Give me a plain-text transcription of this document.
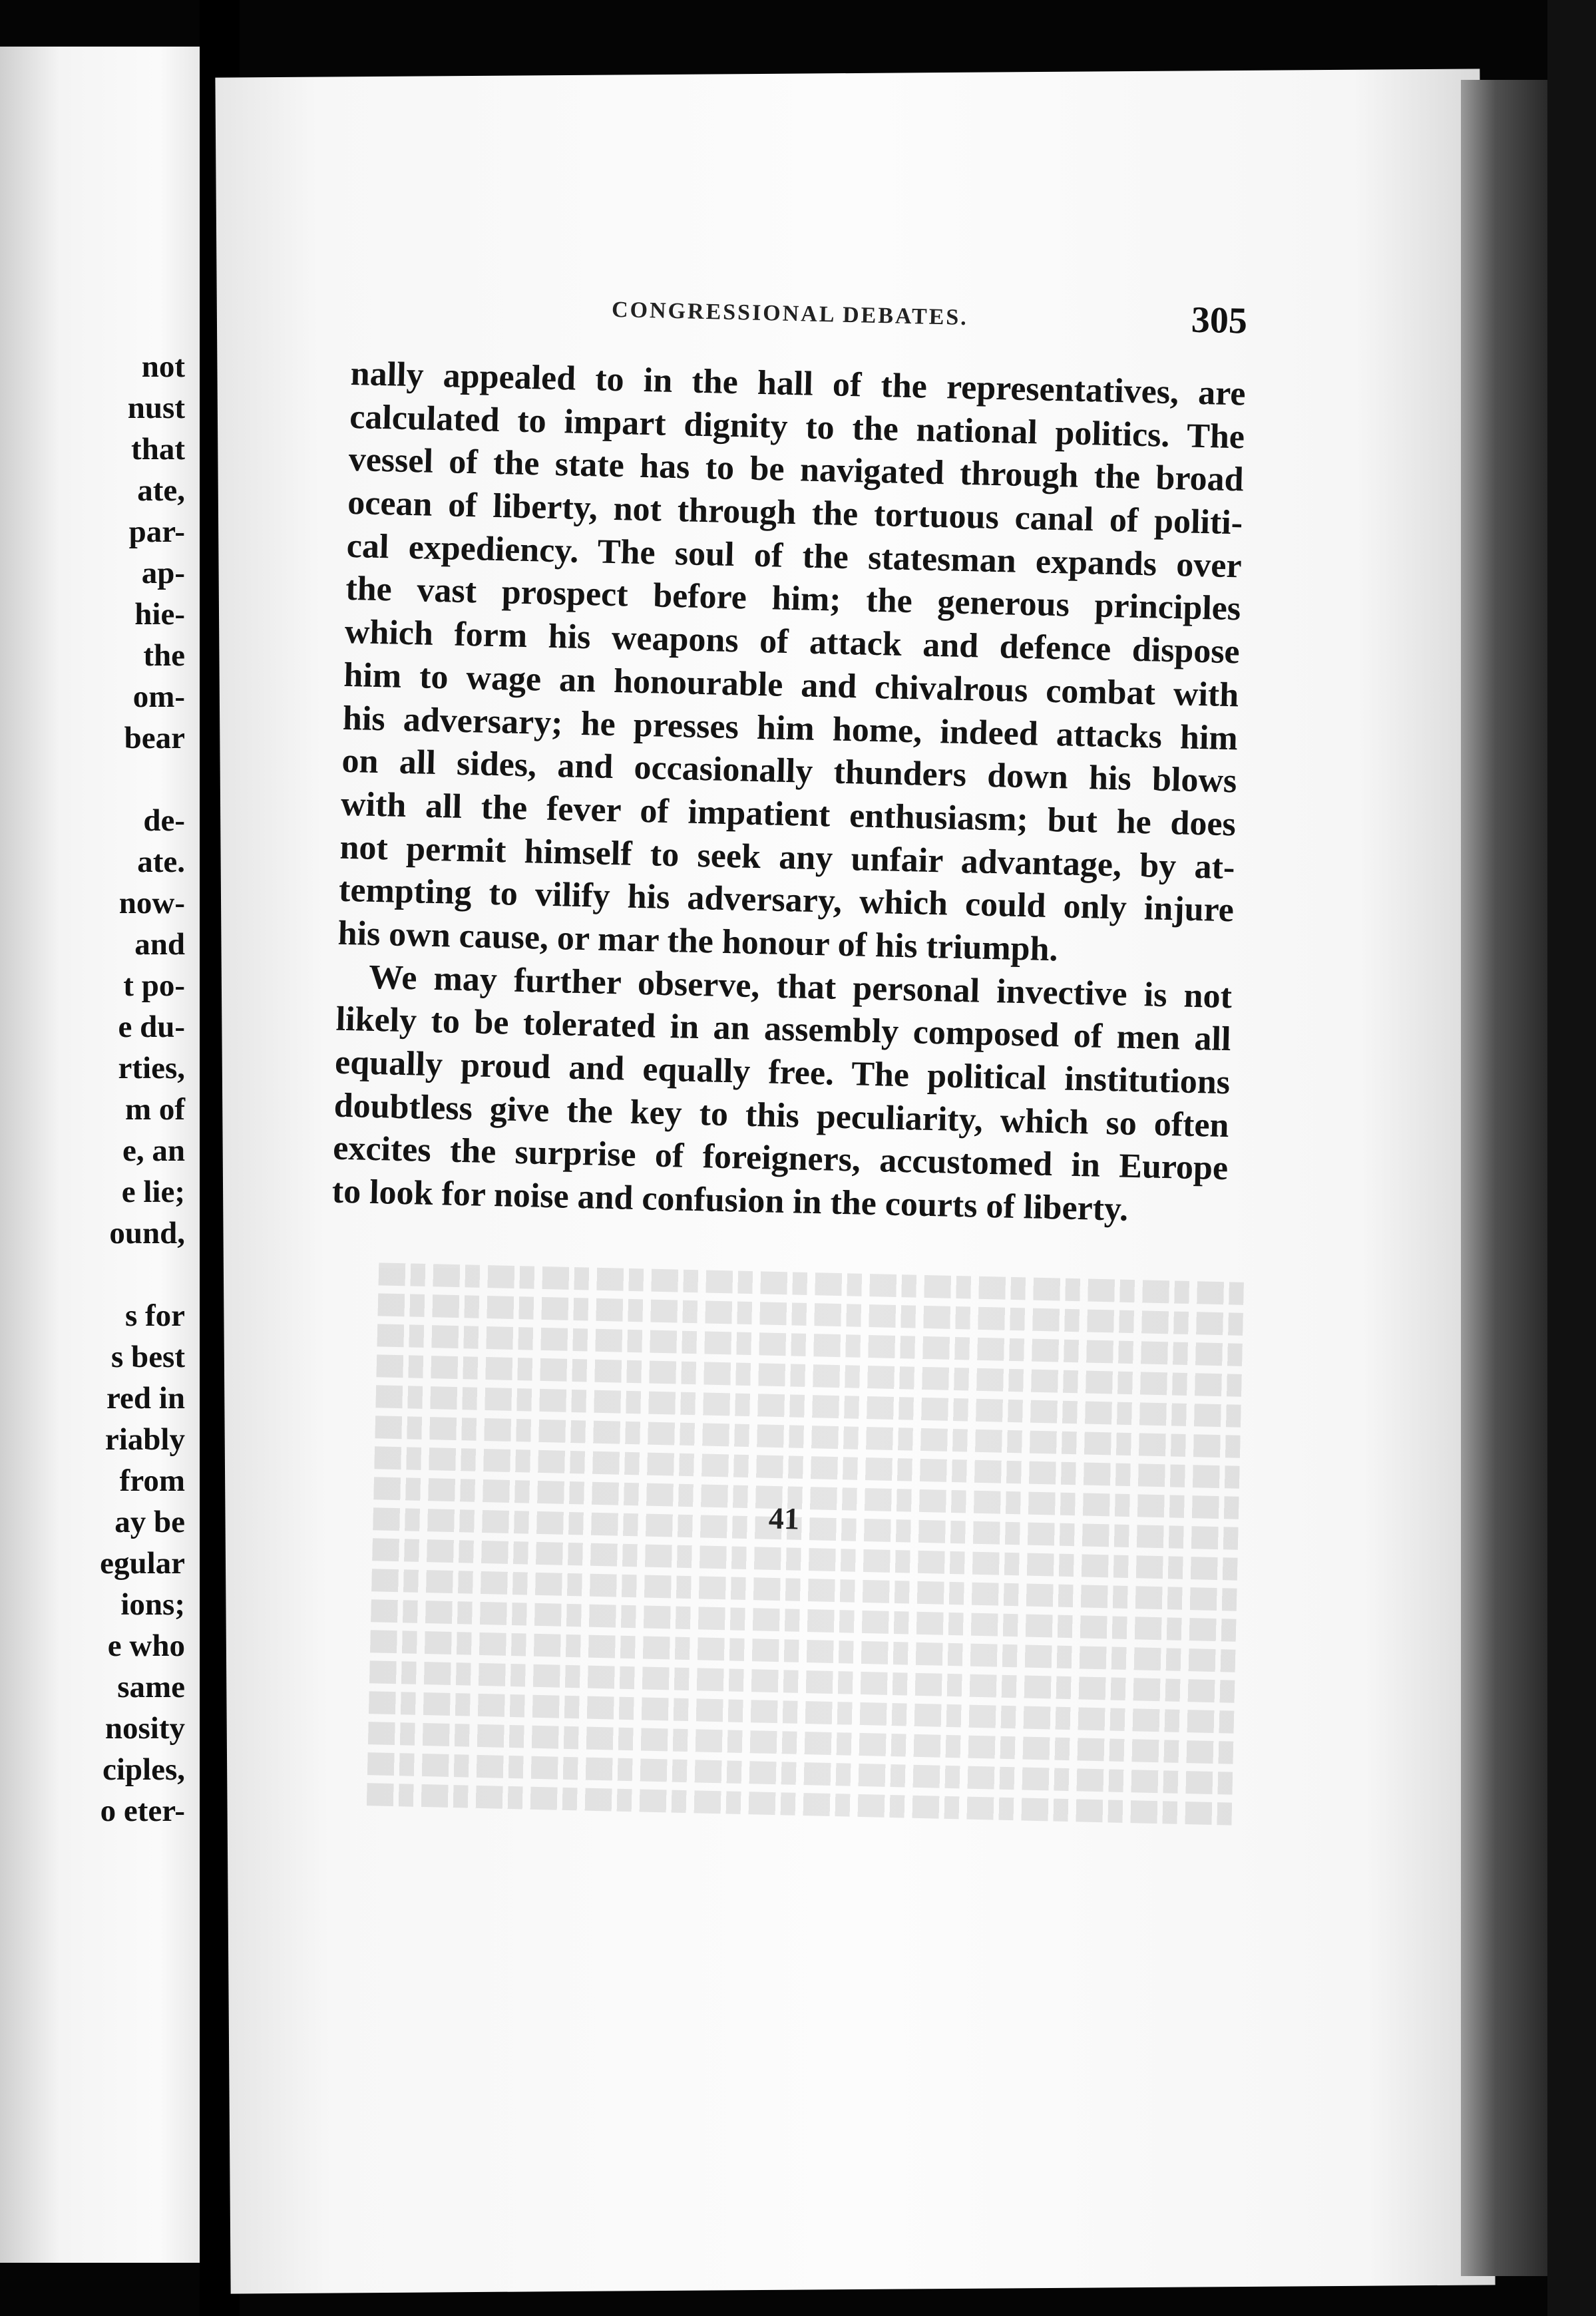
not
nust
that
ate,
par-
ap-
hie-
the
om-
bear
de-
ate.
now-
and
t po-
e du-
rties,
m of
e, an
e lie;
ound,
s for
s best
red in
riably
from
ay be
egular
ions;
e who
same
nosity
ciples,
o eter-
CONGRESSIONAL DEBATES.	305
nally appealed to in the hall of the representatives, are
calculated to impart dignity to the national politics. The
vessel of the state has to be navigated through the broad
ocean of liberty, not through the tortuous canal of politi-
cal expediency. The soul of the statesman expands over
the vast prospect before him; the generous principles
which form his weapons of attack and defence dispose
him to wage an honourable and chivalrous combat with
his adversary; he presses him home, indeed attacks him
on all sides, and occasionally thunders down his blows
with all the fever of impatient enthusiasm; but he does
not permit himself to seek any unfair advantage, by at-
tempting to vilify his adversary, which could only injure
his own cause, or mar the honour of his triumph.
We may further observe, that personal invective is not
likely to be tolerated in an assembly composed of men all
equally proud and equally free. The political institutions
doubtless give the key to this peculiarity, which so often
excites the surprise of foreigners, accustomed in Europe
to look for noise and confusion in the courts of liberty.
41
